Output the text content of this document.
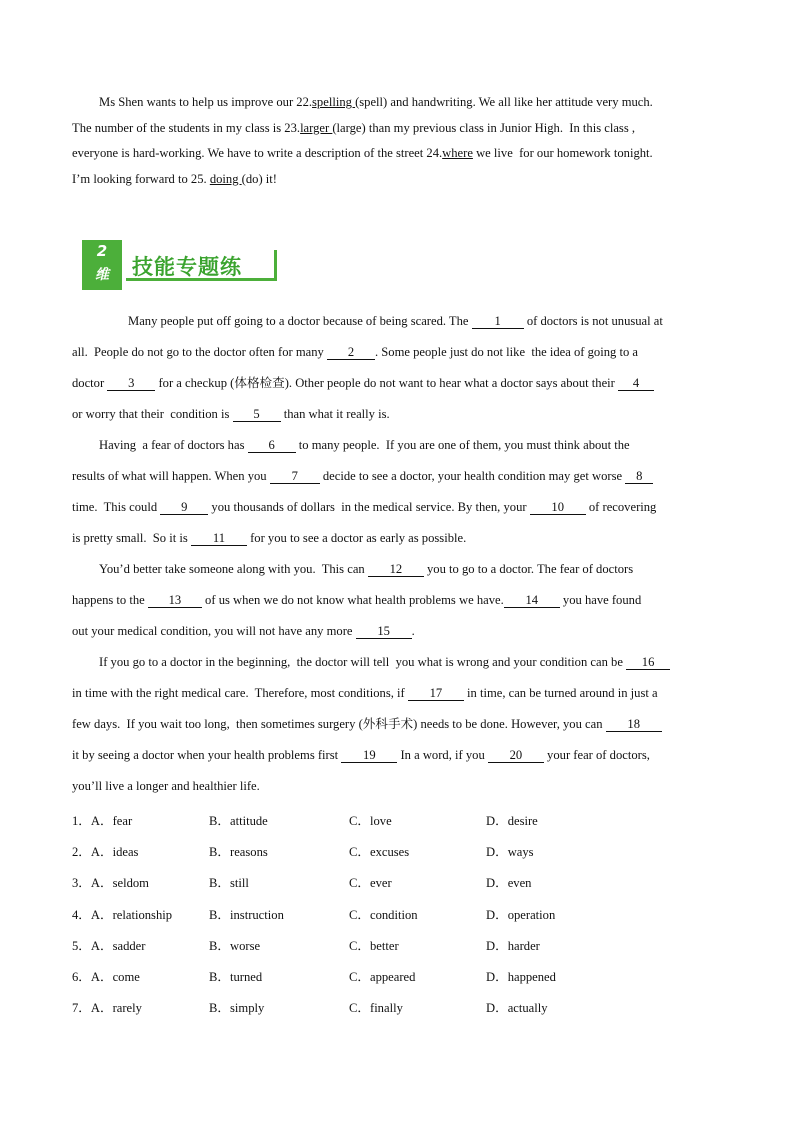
Ms Shen wants to help us improve our 22.spelling (spell) and handwriting. We all like her attitude very much.
The number of the students in my class is 23.larger (large) than my previous class in Junior High.  In this class ,
everyone is hard-working. We have to write a description of the street 24.where we live  for our homework tonight.
I’m looking forward to 25. doing (do) it!
技能专题练
2
维
Many people put off going to a doctor because of being scared. The 1 of doctors is not unusual at
all.  People do not go to the doctor often for many 2 . Some people just do not like  the idea of going to a
doctor 3 for a checkup (体格检查). Other people do not want to hear what a doctor says about their 4
or worry that their  condition is 5 than what it really is.
Having  a fear of doctors has 6 to many people.  If you are one of them, you must think about the
results of what will happen. When you 7 decide to see a doctor, your health condition may get worse 8
time.  This could 9 you thousands of dollars  in the medical service. By then, your 10 of recovering
is pretty small.  So it is 11 for you to see a doctor as early as possible.
You’d better take someone along with you.  This can 12 you to go to a doctor. The fear of doctors
happens to the 13 of us when we do not know what health problems we have. 14 you have found
out your medical condition, you will not have any more 15 .
If you go to a doctor in the beginning,  the doctor will tell  you what is wrong and your condition can be 16
in time with the right medical care.  Therefore, most conditions, if 17 in time, can be turned around in just a
few days.  If you wait too long,  then sometimes surgery (外科手术) needs to be done. However, you can 18
it by seeing a doctor when your health problems first 19 In a word, if you 20 your fear of doctors,
you’ll live a longer and healthier life.
1．A．fear	B．attitude	C．love	D．desire
2．A．ideas	B．reasons	C．excuses	D．ways
3．A．seldom	B．still	C．ever	D．even
4．A．relationship	B．instruction	C．condition	D．operation
5．A．sadder	B．worse	C．better	D．harder
6．A．come	B．turned	C．appeared	D．happened
7．A．rarely	B．simply	C．finally	D．actually
